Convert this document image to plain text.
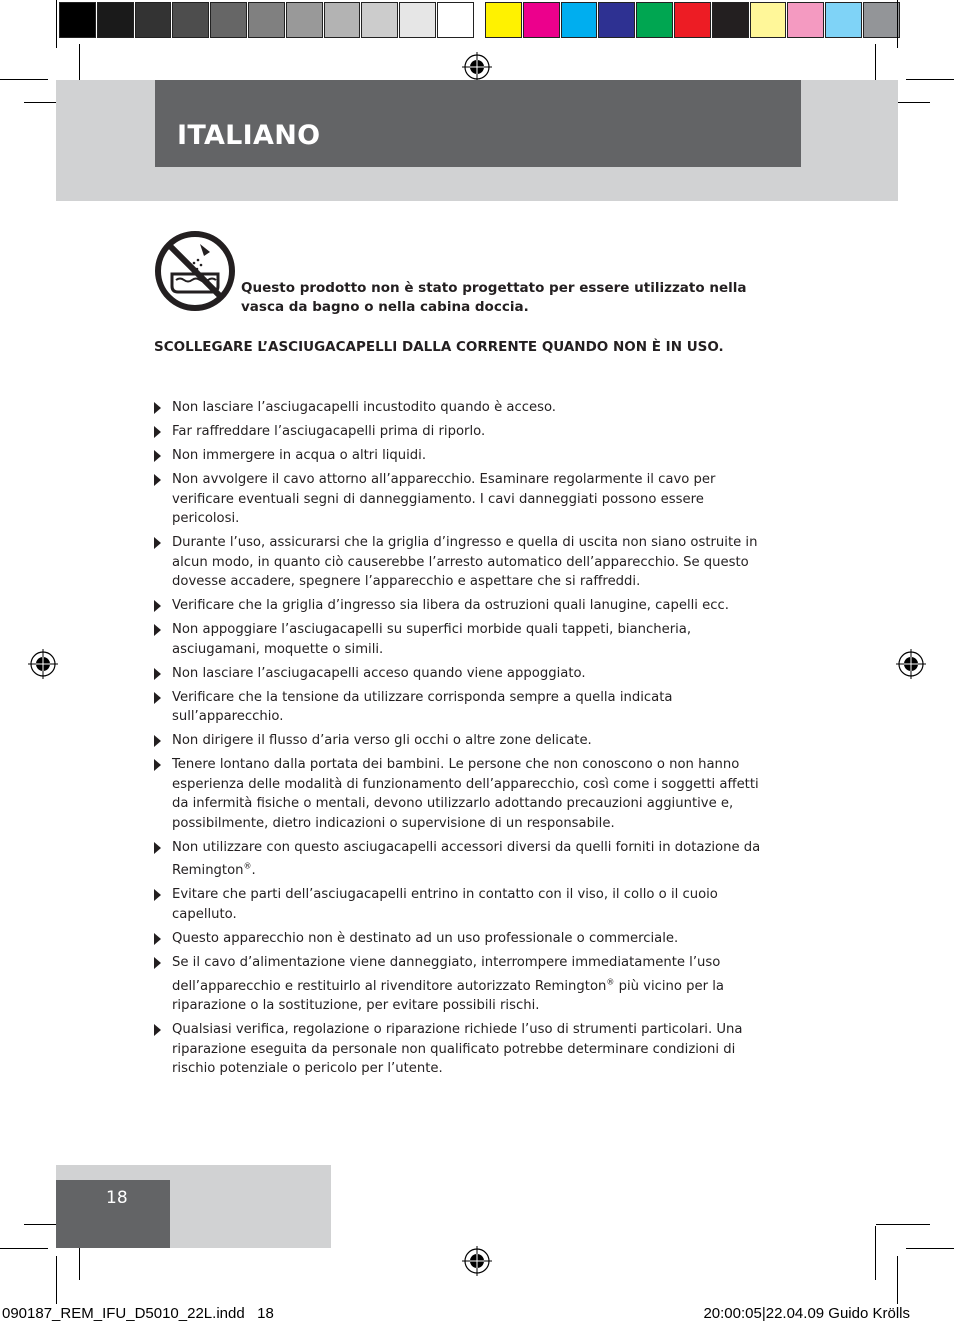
ITALIANO
Questo prodotto non è stato progettato per essere utilizzato nella vasca da bagno o nella cabina doccia.
SCOLLEGARE L’ASCIUGACAPELLI DALLA CORRENTE QUANDO NON È IN USO.
Non lasciare l’asciugacapelli incustodito quando è acceso.
Far raffreddare l’asciugacapelli prima di riporlo.
Non immergere in acqua o altri liquidi.
Non avvolgere il cavo attorno all’apparecchio. Esaminare regolarmente il cavo per verificare eventuali segni di danneggiamento. I cavi danneggiati possono essere pericolosi.
Durante l’uso, assicurarsi che la griglia d’ingresso e quella di uscita non siano ostruite in alcun modo, in quanto ciò causerebbe l’arresto automatico dell’apparecchio. Se questo dovesse accadere, spegnere l’apparecchio e aspettare che si raffreddi.
Verificare che la griglia d’ingresso sia libera da ostruzioni quali lanugine, capelli ecc.
Non appoggiare l’asciugacapelli su superfici morbide quali tappeti, biancheria, asciugamani, moquette o simili.
Non lasciare l’asciugacapelli acceso quando viene appoggiato.
Verificare che la tensione da utilizzare corrisponda sempre a quella indicata sull’apparecchio.
Non dirigere il flusso d’aria verso gli occhi o altre zone delicate.
Tenere lontano dalla portata dei bambini. Le persone che non conoscono o non hanno esperienza delle modalità di funzionamento dell’apparecchio, così come i soggetti affetti da infermità fisiche o mentali, devono utilizzarlo adottando precauzioni aggiuntive e, possibilmente, dietro indicazioni o supervisione di un responsabile.
Non utilizzare con questo asciugacapelli accessori diversi da quelli forniti in dotazione da Remington®.
Evitare che parti dell’asciugacapelli entrino in contatto con il viso, il collo o il cuoio capelluto.
Questo apparecchio non è destinato ad un uso professionale o commerciale.
Se il cavo d’alimentazione viene danneggiato, interrompere immediatamente l’uso dell’apparecchio e restituirlo al rivenditore autorizzato Remington® più vicino per la riparazione o la sostituzione, per evitare possibili rischi.
Qualsiasi verifica, regolazione o riparazione richiede l’uso di strumenti particolari. Una riparazione eseguita da personale non qualificato potrebbe determinare condizioni di rischio potenziale o pericolo per l’utente.
18
090187_REM_IFU_D5010_22L.indd   18	20:00:05|22.04.09 Guido Krölls
